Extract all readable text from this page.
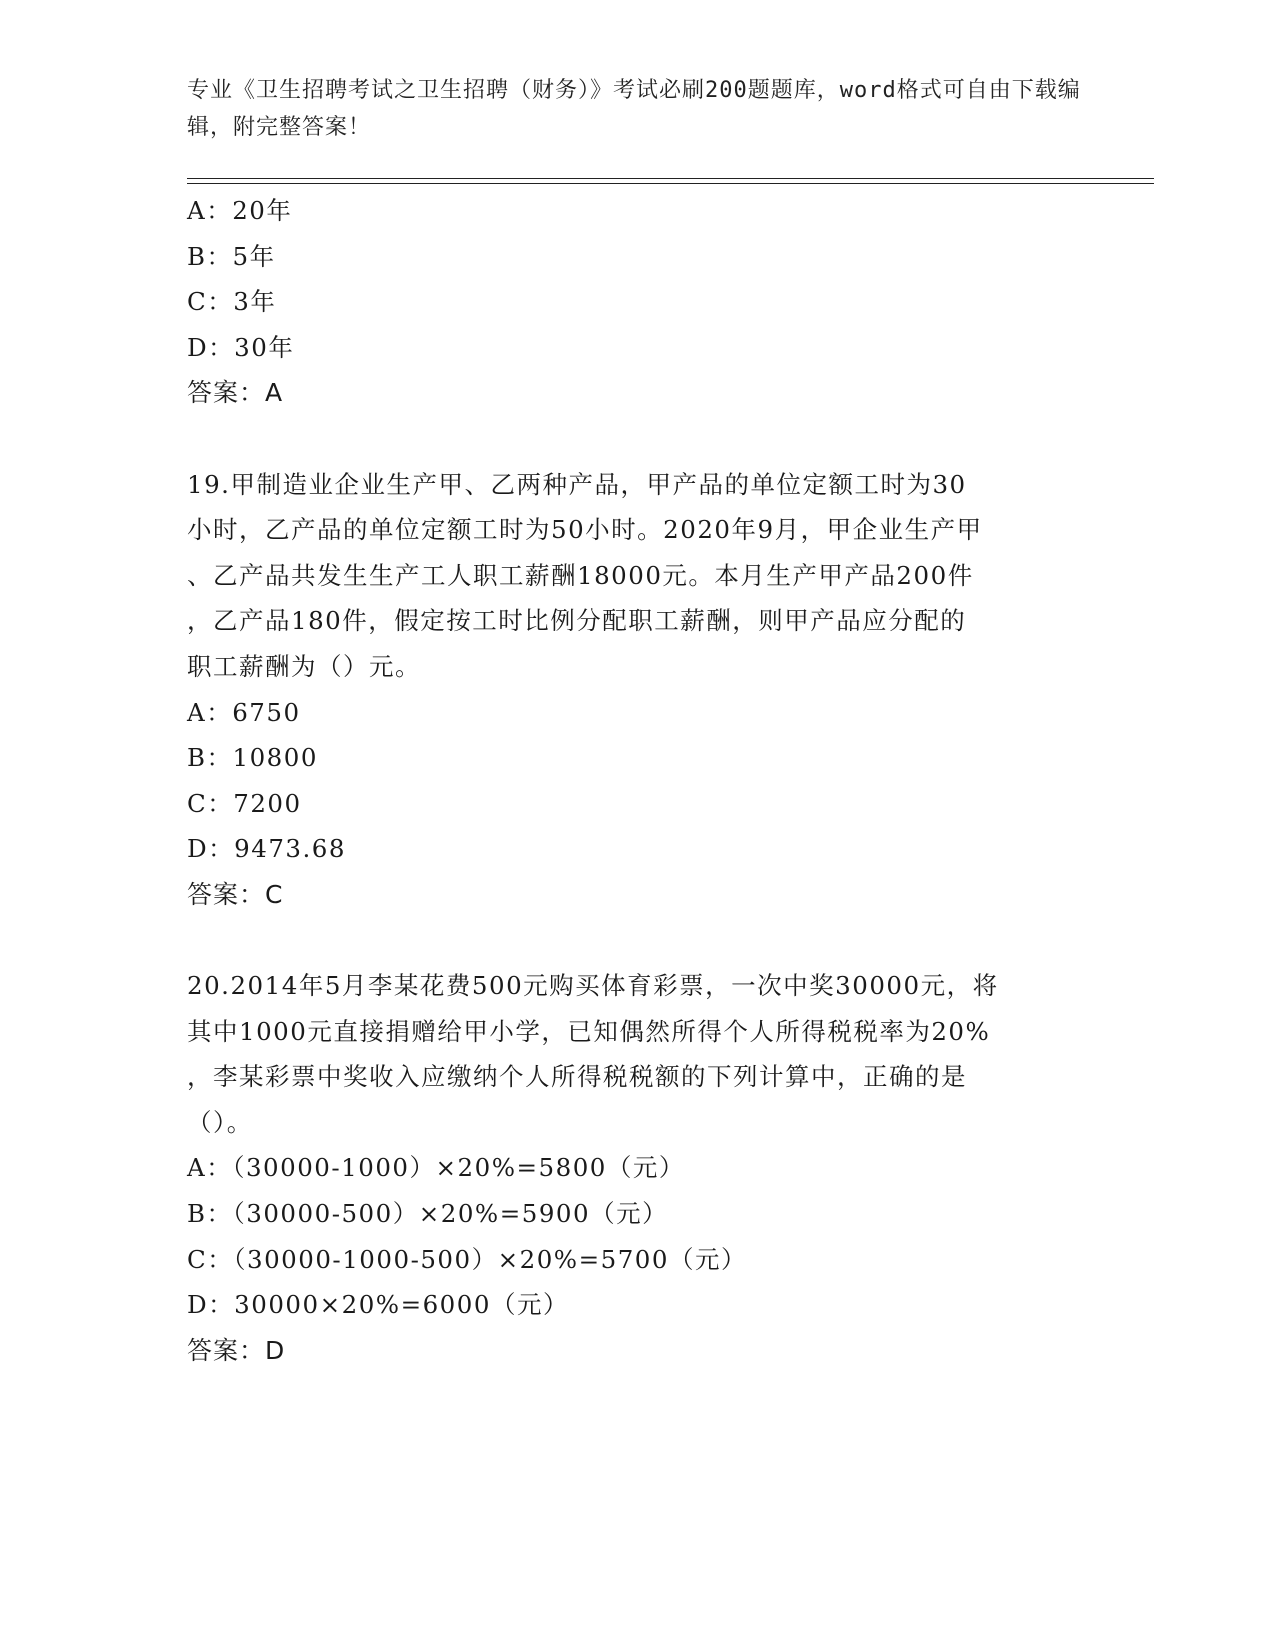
专业《卫生招聘考试之卫生招聘（财务）》考试必刷200题题库，word格式可自由下载编辑，附完整答案！
A：20年
B：5年
C：3年
D：30年
答案：A
19.甲制造业企业生产甲、乙两种产品，甲产品的单位定额工时为30
小时，乙产品的单位定额工时为50小时。2020年9月，甲企业生产甲
、乙产品共发生生产工人职工薪酬18000元。本月生产甲产品200件
，乙产品180件，假定按工时比例分配职工薪酬，则甲产品应分配的
职工薪酬为（）元。
A：6750
B：10800
C：7200
D：9473.68
答案：C
20.2014年5月李某花费500元购买体育彩票，一次中奖30000元，将
其中1000元直接捐赠给甲小学，已知偶然所得个人所得税税率为20%
，李某彩票中奖收入应缴纳个人所得税税额的下列计算中，正确的是
（）。
A：（30000-1000）×20%=5800（元）
B：（30000-500）×20%=5900（元）
C：（30000-1000-500）×20%=5700（元）
D：30000×20%=6000（元）
答案：D
